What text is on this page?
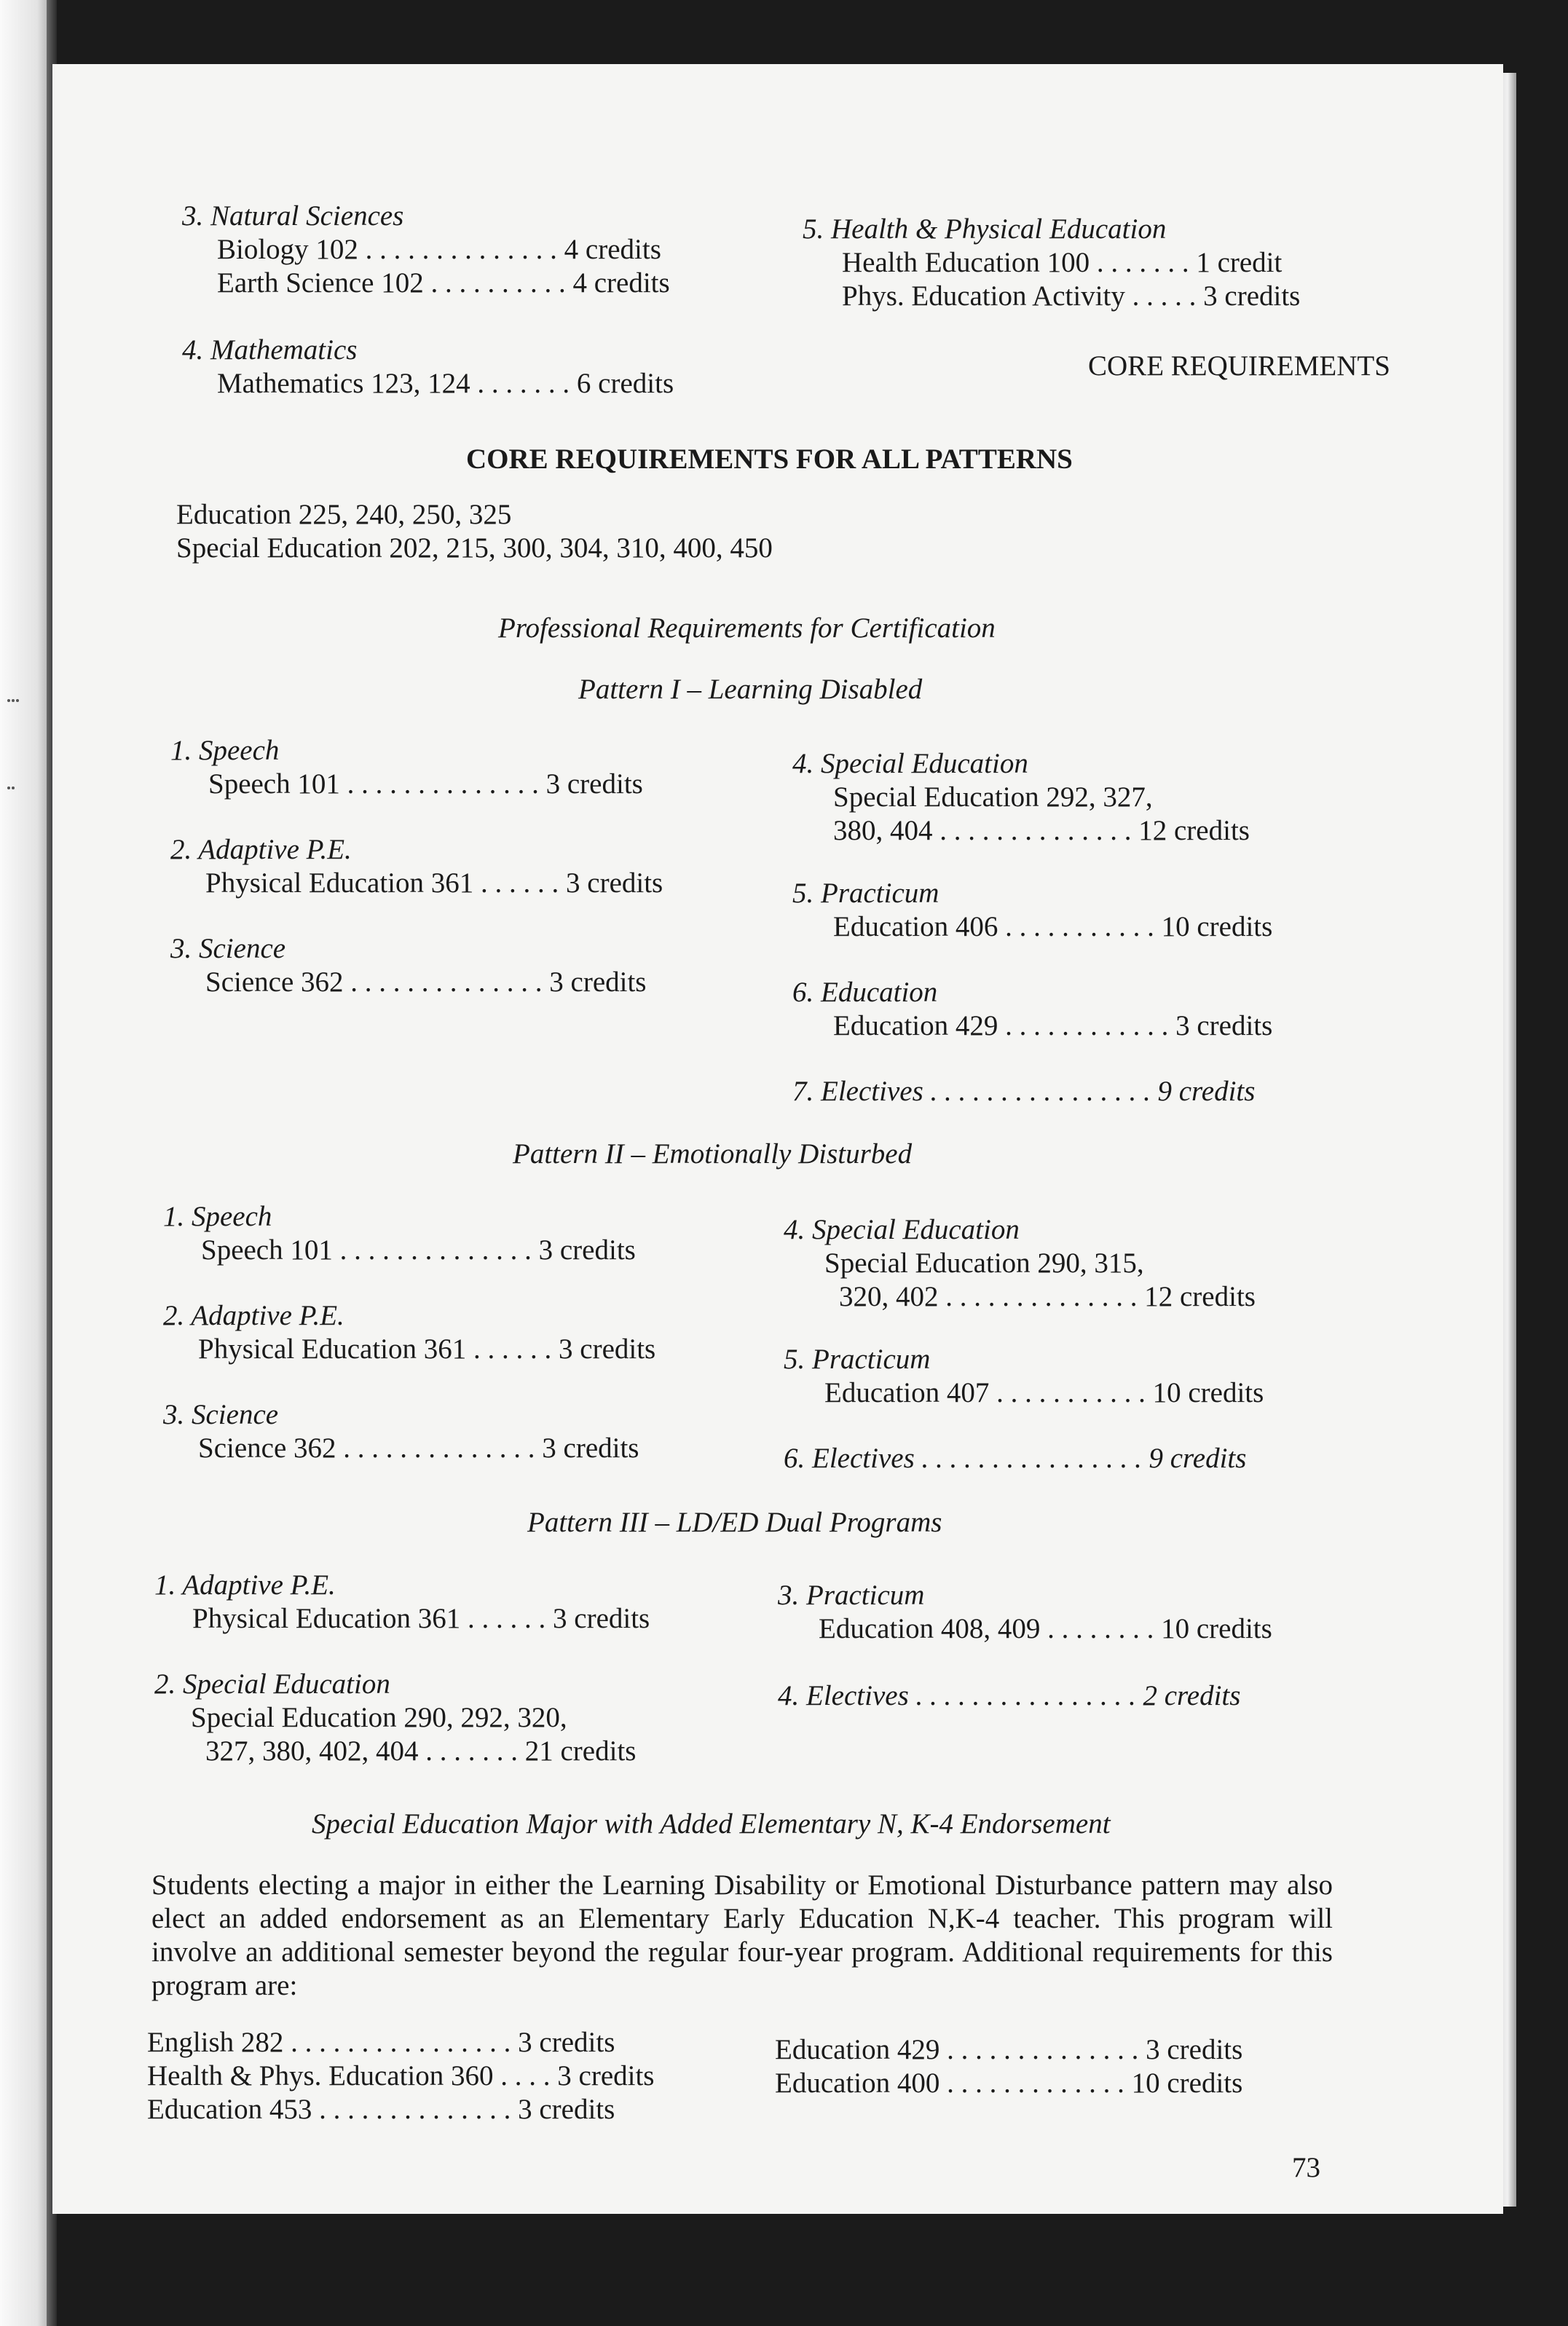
3. Natural Sciences
Biology 102 . . . . . . . . . . . . . . 4 credits
Earth Science 102 . . . . . . . . . . 4 credits
4. Mathematics
Mathematics 123, 124 . . . . . . . 6 credits
5. Health & Physical Education
Health Education 100 . . . . . . . 1 credit
Phys. Education Activity . . . . . 3 credits
CORE REQUIREMENTS
CORE REQUIREMENTS FOR ALL PATTERNS
Education 225, 240, 250, 325
Special Education 202, 215, 300, 304, 310, 400, 450
Professional Requirements for Certification
Pattern I – Learning Disabled
1. Speech
Speech 101 . . . . . . . . . . . . . . 3 credits
2. Adaptive P.E.
Physical Education 361 . . . . . . 3 credits
3. Science
Science 362 . . . . . . . . . . . . . . 3 credits
4. Special Education
Special Education 292, 327,
380, 404 . . . . . . . . . . . . . . 12 credits
5. Practicum
Education 406 . . . . . . . . . . . 10 credits
6. Education
Education 429 . . . . . . . . . . . . 3 credits
7. Electives . . . . . . . . . . . . . . . . 9 credits
Pattern II – Emotionally Disturbed
1. Speech
Speech 101 . . . . . . . . . . . . . . 3 credits
2. Adaptive P.E.
Physical Education 361 . . . . . . 3 credits
3. Science
Science 362 . . . . . . . . . . . . . . 3 credits
4. Special Education
Special Education 290, 315,
320, 402 . . . . . . . . . . . . . . 12 credits
5. Practicum
Education 407 . . . . . . . . . . . 10 credits
6. Electives . . . . . . . . . . . . . . . . 9 credits
Pattern III – LD/ED Dual Programs
1. Adaptive P.E.
Physical Education 361 . . . . . . 3 credits
2. Special Education
Special Education 290, 292, 320,
327, 380, 402, 404 . . . . . . . 21 credits
3. Practicum
Education 408, 409 . . . . . . . . 10 credits
4. Electives . . . . . . . . . . . . . . . . 2 credits
Special Education Major with Added Elementary N, K-4 Endorsement
Students electing a major in either the Learning Disability or Emotional Disturbance pattern may also elect an added endorsement as an Elementary Early Education N,K-4 teacher. This program will involve an additional semester beyond the regular four-year program. Additional requirements for this program are:
English 282 . . . . . . . . . . . . . . . . 3 credits
Health & Phys. Education 360 . . . . 3 credits
Education 453 . . . . . . . . . . . . . . 3 credits
Education 429 . . . . . . . . . . . . . . 3 credits
Education 400 . . . . . . . . . . . . . 10 credits
73
